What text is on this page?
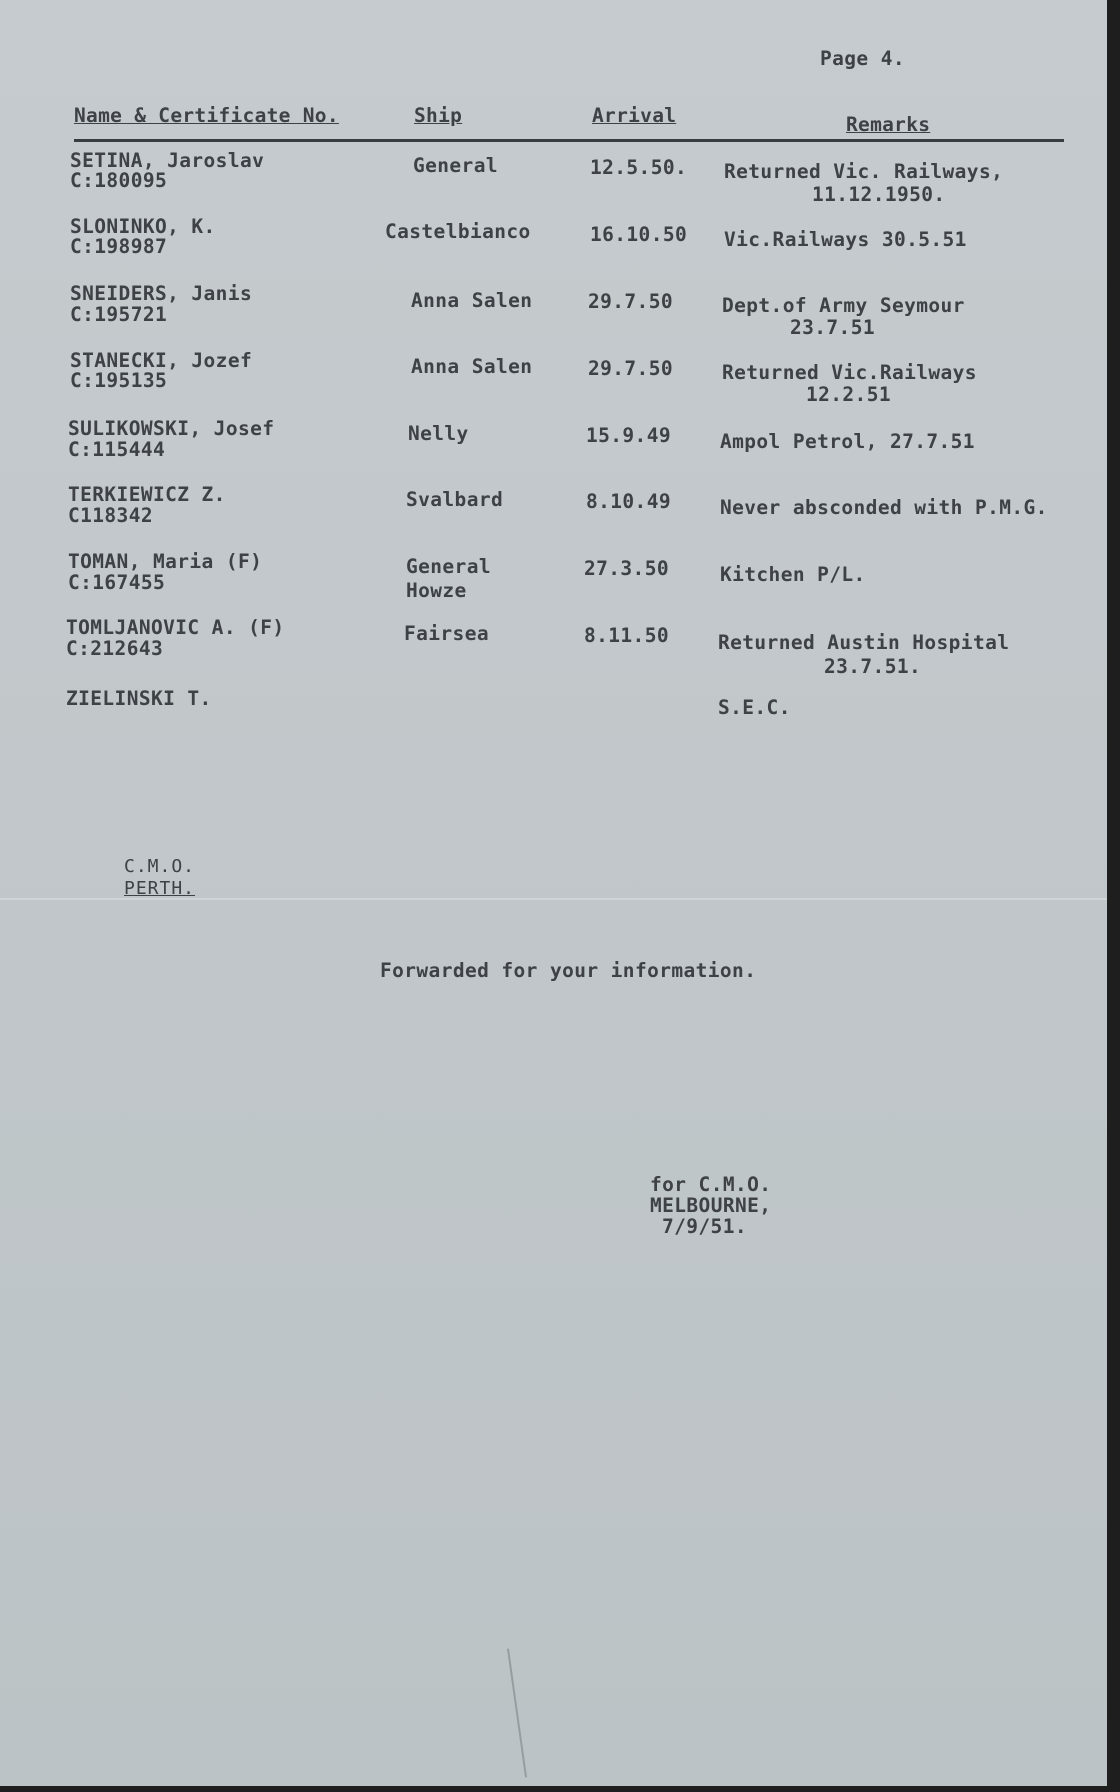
Page 4.
Name & Certificate No.	Ship	Arrival	Remarks
SETINA, Jaroslav
C:180095
General	12.5.50. Returned Vic. Railways,
11.12.1950.
SLONINKO, K.
C:198987
Castelbianco	16.10.50 Vic.Railways 30.5.51
SNEIDERS, Janis
C:195721
Anna Salen	29.7.50	Dept.of Army Seymour
23.7.51
STANECKI, Jozef
C:195135
Anna Salen	29.7.50	Returned Vic.Railways
12.2.51
SULIKOWSKI, Josef
C:115444
Nelly	15.9.49	Ampol Petrol, 27.7.51
TERKIEWICZ Z.
C118342
Svalbard	8.10.49	Never absconded with P.M.G.
TOMAN, Maria (F)
C:167455
General
Howze
27.3.50	Kitchen P/L.
TOMLJANOVIC A. (F)
C:212643
Fairsea	8.11.50	Returned Austin Hospital
23.7.51.
ZIELINSKI T.	S.E.C.
C.M.O.
PERTH.
Forwarded for your information.
for C.M.O.
MELBOURNE,
7/9/51.
